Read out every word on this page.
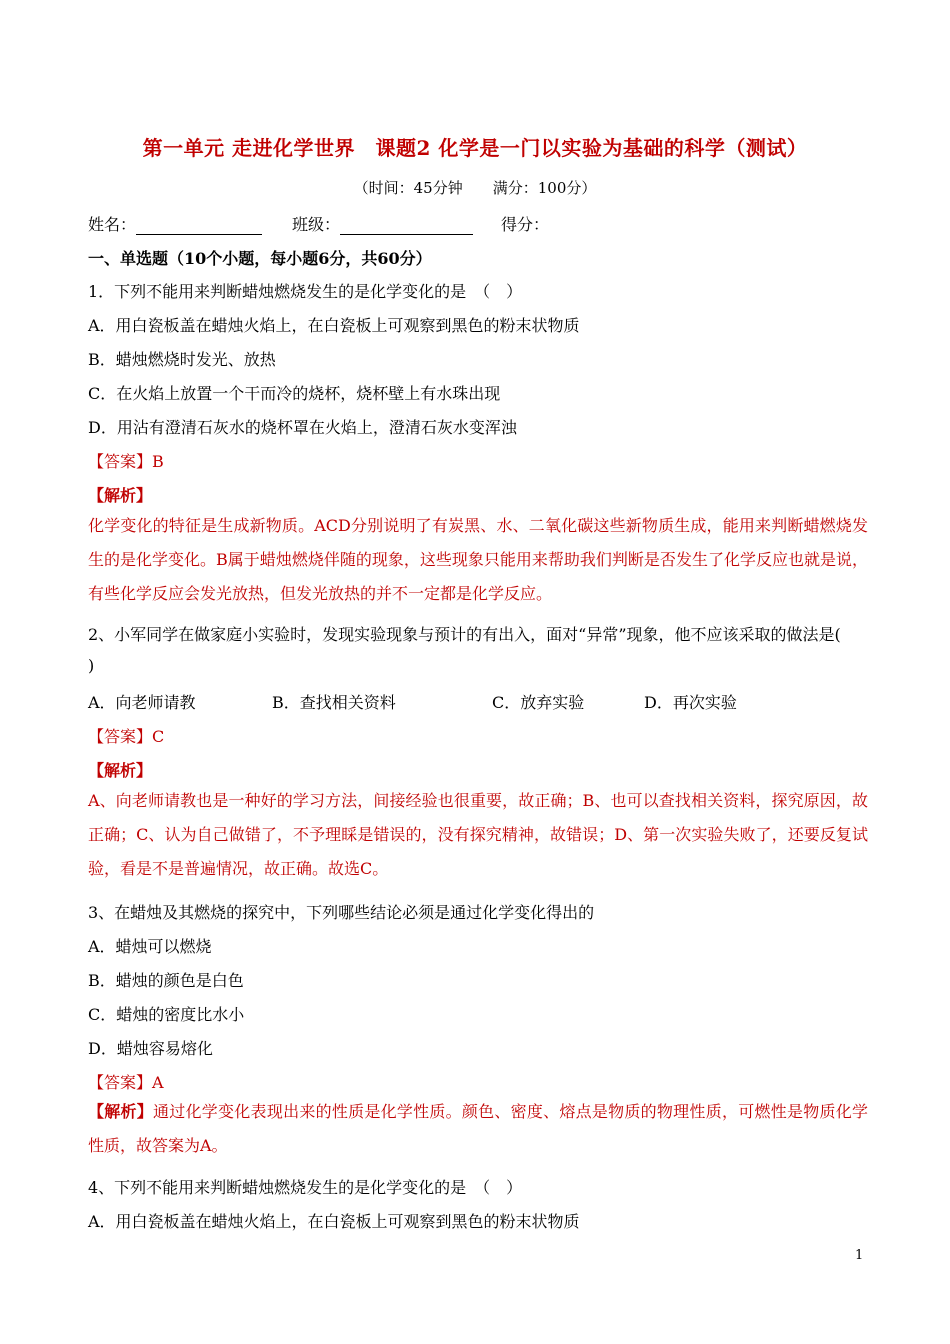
第一单元 走进化学世界　课题2 化学是一门以实验为基础的科学（测试）
（时间：45分钟　　满分：100分）
姓名：	班级：	得分：
一、单选题（10个小题，每小题6分，共60分）
1．下列不能用来判断蜡烛燃烧发生的是化学变化的是　（　）
A．用白瓷板盖在蜡烛火焰上，在白瓷板上可观察到黑色的粉末状物质
B．蜡烛燃烧时发光、放热
C．在火焰上放置一个干而冷的烧杯，烧杯壁上有水珠出现
D．用沾有澄清石灰水的烧杯罩在火焰上，澄清石灰水变浑浊
【答案】B
【解析】
化学变化的特征是生成新物质。ACD分别说明了有炭黑、水、二氧化碳这些新物质生成，能用来判断蜡燃烧发生的是化学变化。B属于蜡烛燃烧伴随的现象，这些现象只能用来帮助我们判断是否发生了化学反应也就是说，有些化学反应会发光放热，但发光放热的并不一定都是化学反应。
2、小军同学在做家庭小实验时，发现实验现象与预计的有出入，面对“异常”现象，他不应该采取的做法是(
)
A．向老师请教	B．查找相关资料	C．放弃实验	D．再次实验
【答案】C
【解析】
A、向老师请教也是一种好的学习方法，间接经验也很重要，故正确；B、也可以查找相关资料，探究原因，故正确；C、认为自己做错了，不予理睬是错误的，没有探究精神，故错误；D、第一次实验失败了，还要反复试验，看是不是普遍情况，故正确。故选C。
3、在蜡烛及其燃烧的探究中，下列哪些结论必须是通过化学变化得出的
A．蜡烛可以燃烧
B．蜡烛的颜色是白色
C．蜡烛的密度比水小
D．蜡烛容易熔化
【答案】A
【解析】通过化学变化表现出来的性质是化学性质。颜色、密度、熔点是物质的物理性质，可燃性是物质化学性质，故答案为A。
4、下列不能用来判断蜡烛燃烧发生的是化学变化的是　（　）
A．用白瓷板盖在蜡烛火焰上，在白瓷板上可观察到黑色的粉末状物质
1
